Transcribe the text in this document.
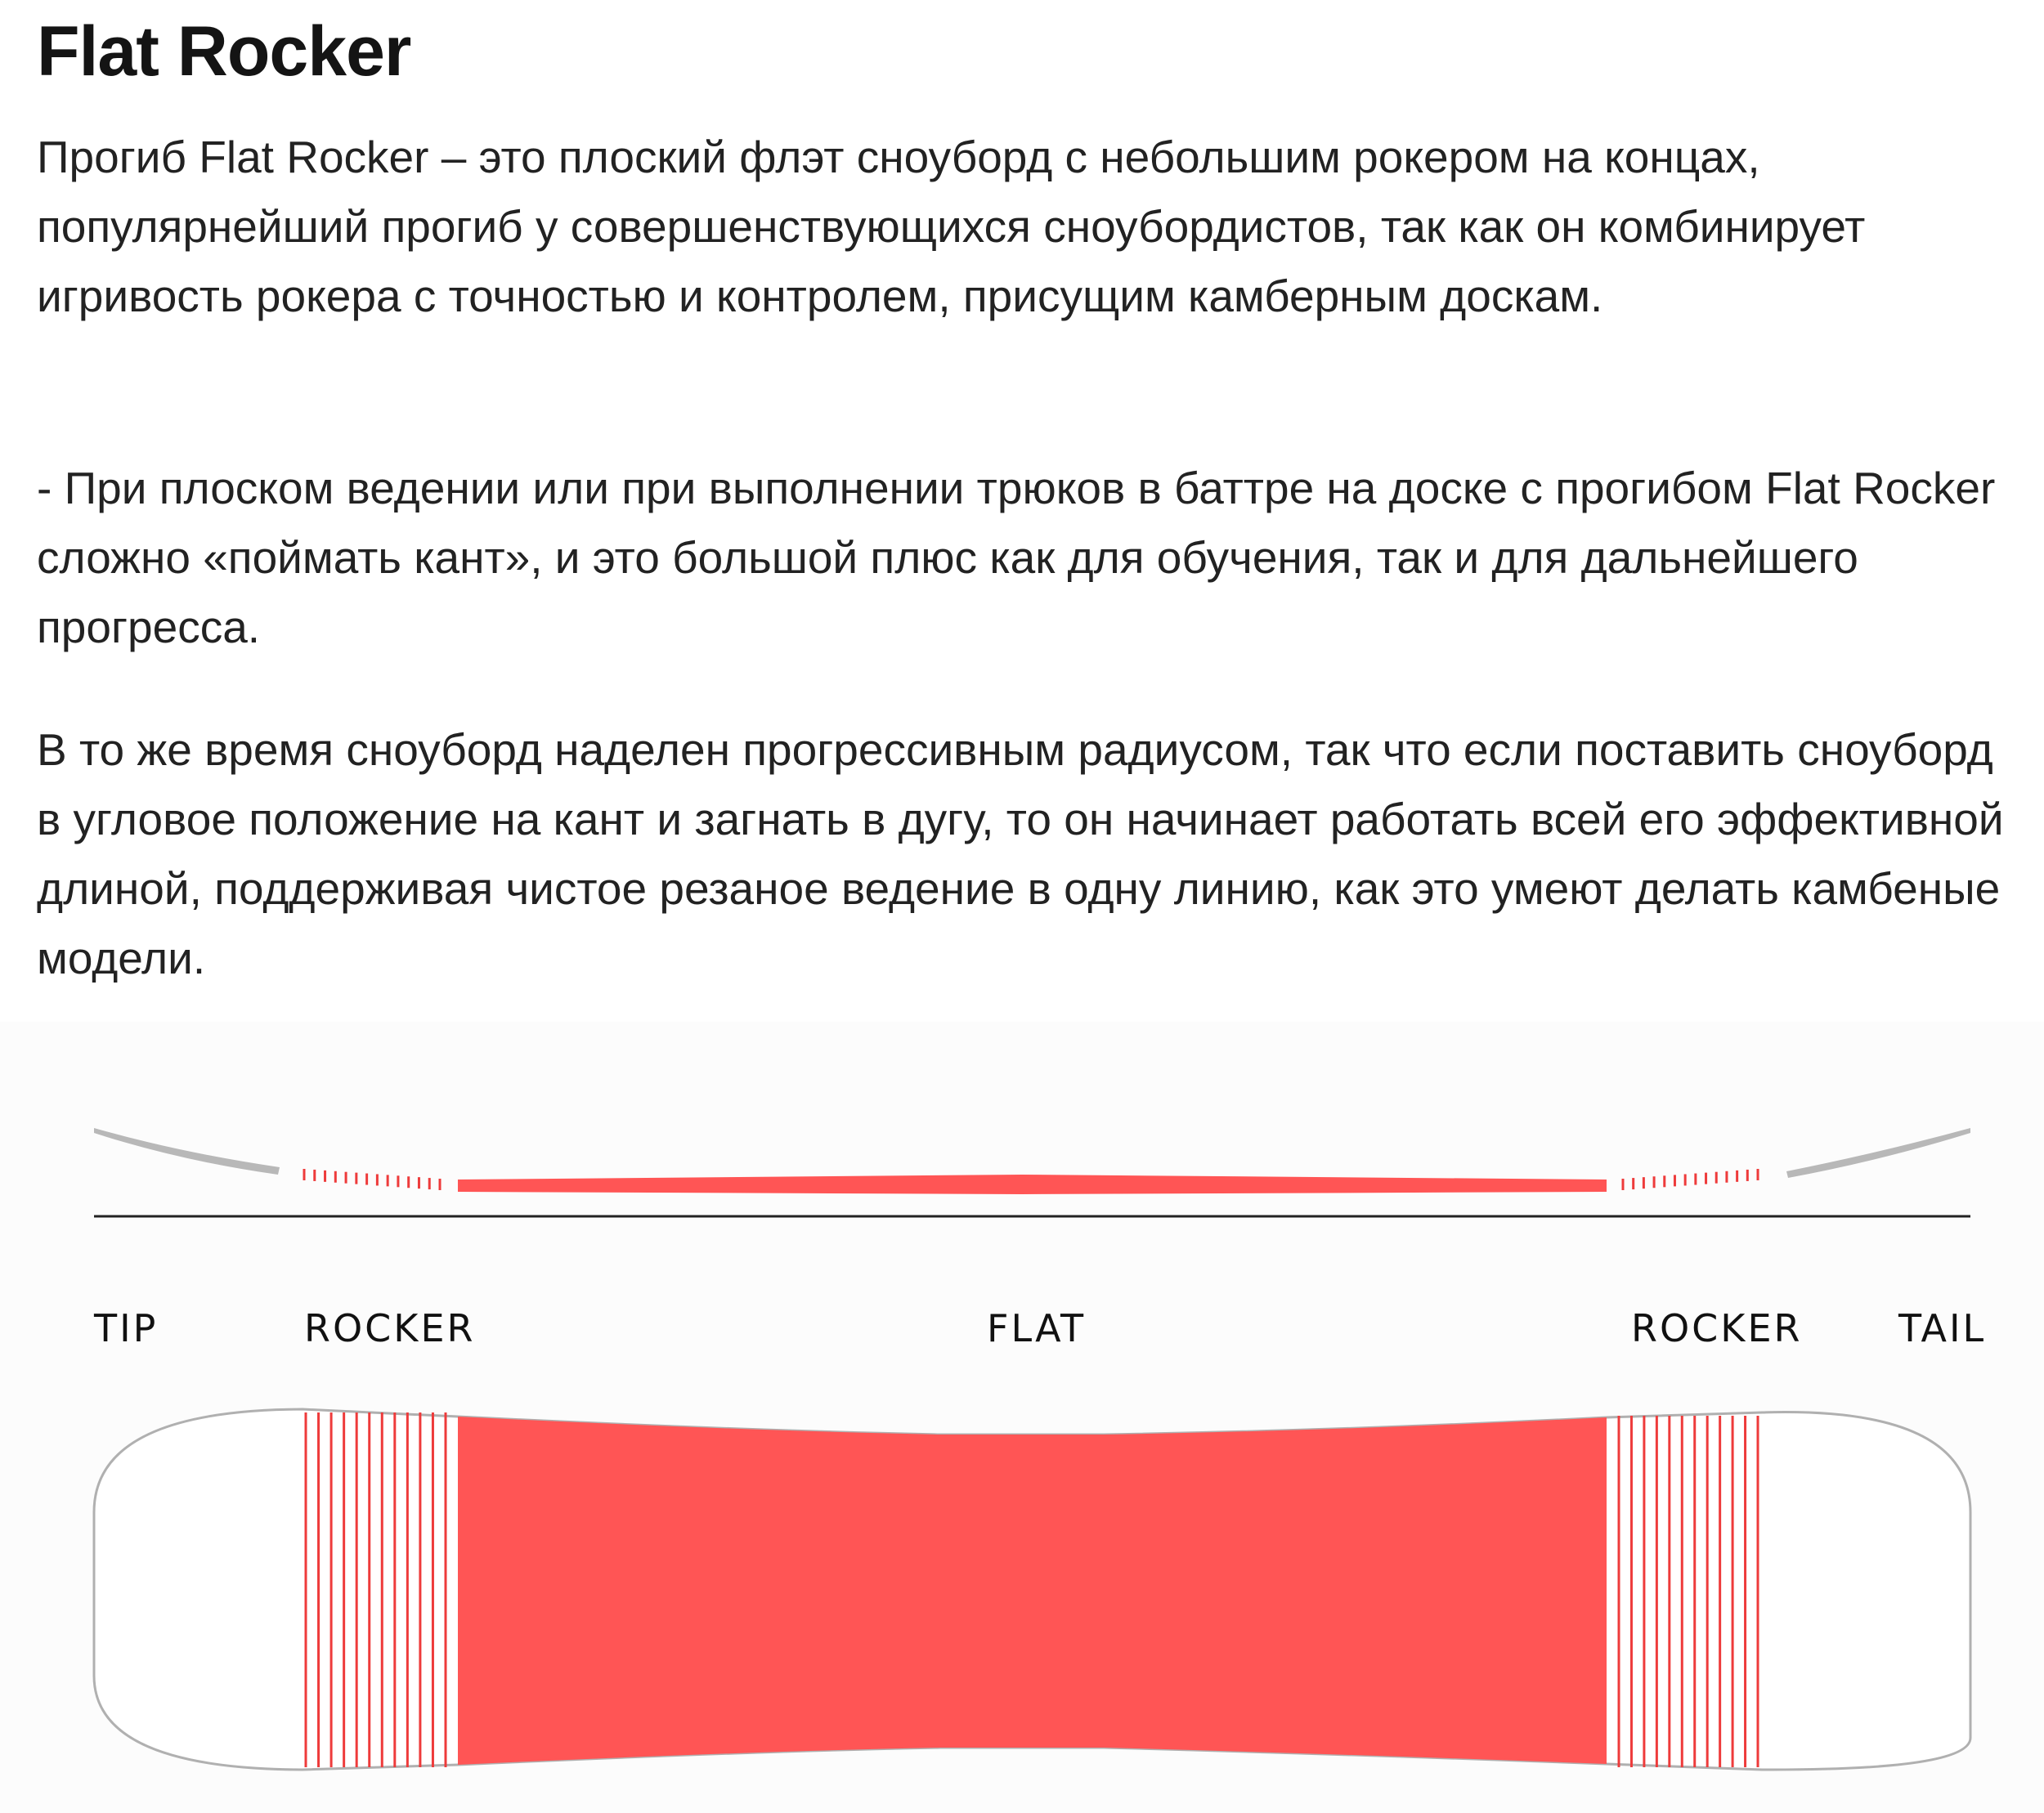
Flat Rocker

Прогиб Flat Rocker – это плоский флэт сноуборд с небольшим рокером на концах, популярнейший прогиб у совершенствующихся сноубордистов, так как он комбинирует игривость рокера с точностью и контролем, присущим камберным доскам.

- При плоском ведении или при выполнении трюков в баттре на доске с прогибом Flat Rocker сложно «поймать кант», и это большой плюс как для обучения, так и для дальнейшего прогресса.

В то же время сноуборд наделен прогрессивным радиусом, так что если поставить сноуборд в угловое положение на кант и загнать в дугу, то он начинает работать всей его эффективной длиной, поддерживая чистое резаное ведение в одну линию, как это умеют делать камбеные модели.

TIP	ROCKER	FLAT	ROCKER	TAIL
